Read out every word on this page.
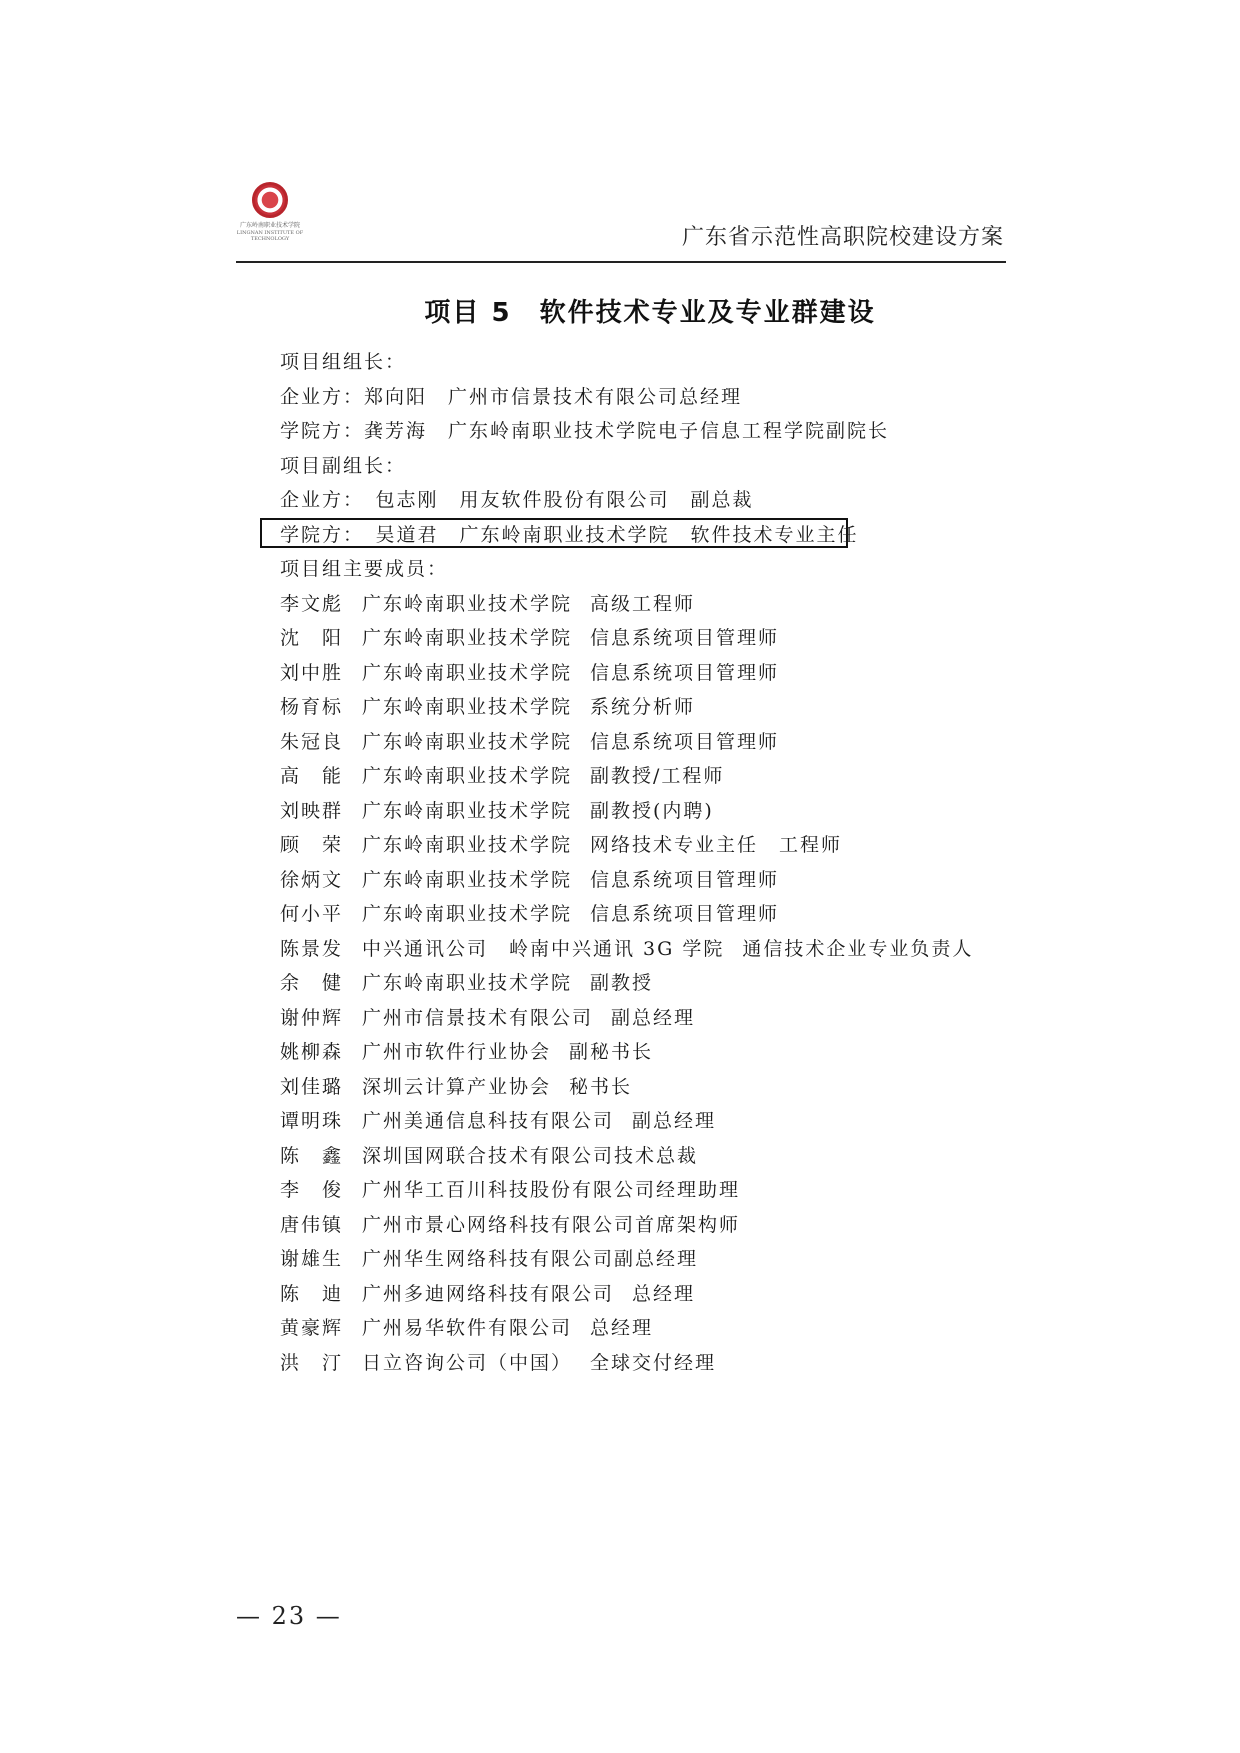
广东岭南职业技术学院
LINGNAN INSTITUTE OF TECHNOLOGY	广东省示范性高职院校建设方案
项目 5　软件技术专业及专业群建设
项目组组长：
企业方：郑向阳　广州市信景技术有限公司总经理
学院方：龚芳海　广东岭南职业技术学院电子信息工程学院副院长
项目副组长：
企业方：　包志刚　用友软件股份有限公司　副总裁
学院方：　吴道君　广东岭南职业技术学院　软件技术专业主任
项目组主要成员：
李文彪 广东岭南职业技术学院 高级工程师
沈　阳 广东岭南职业技术学院 信息系统项目管理师
刘中胜 广东岭南职业技术学院 信息系统项目管理师
杨育标 广东岭南职业技术学院 系统分析师
朱冠良 广东岭南职业技术学院 信息系统项目管理师
高　能 广东岭南职业技术学院 副教授/工程师
刘映群 广东岭南职业技术学院 副教授(内聘)
顾　荣 广东岭南职业技术学院 网络技术专业主任　工程师
徐炳文 广东岭南职业技术学院 信息系统项目管理师
何小平 广东岭南职业技术学院 信息系统项目管理师
陈景发 中兴通讯公司　岭南中兴通讯 3G 学院 通信技术企业专业负责人
余　健 广东岭南职业技术学院 副教授
谢仲辉 广州市信景技术有限公司 副总经理
姚柳森 广州市软件行业协会 副秘书长
刘佳璐 深圳云计算产业协会 秘书长
谭明珠 广州美通信息科技有限公司 副总经理
陈　鑫 深圳国网联合技术有限公司技术总裁
李　俊 广州华工百川科技股份有限公司经理助理
唐伟镇 广州市景心网络科技有限公司首席架构师
谢雄生 广州华生网络科技有限公司副总经理
陈　迪 广州多迪网络科技有限公司 总经理
黄豪辉 广州易华软件有限公司 总经理
洪　汀 日立咨询公司（中国） 全球交付经理
— 23 —
